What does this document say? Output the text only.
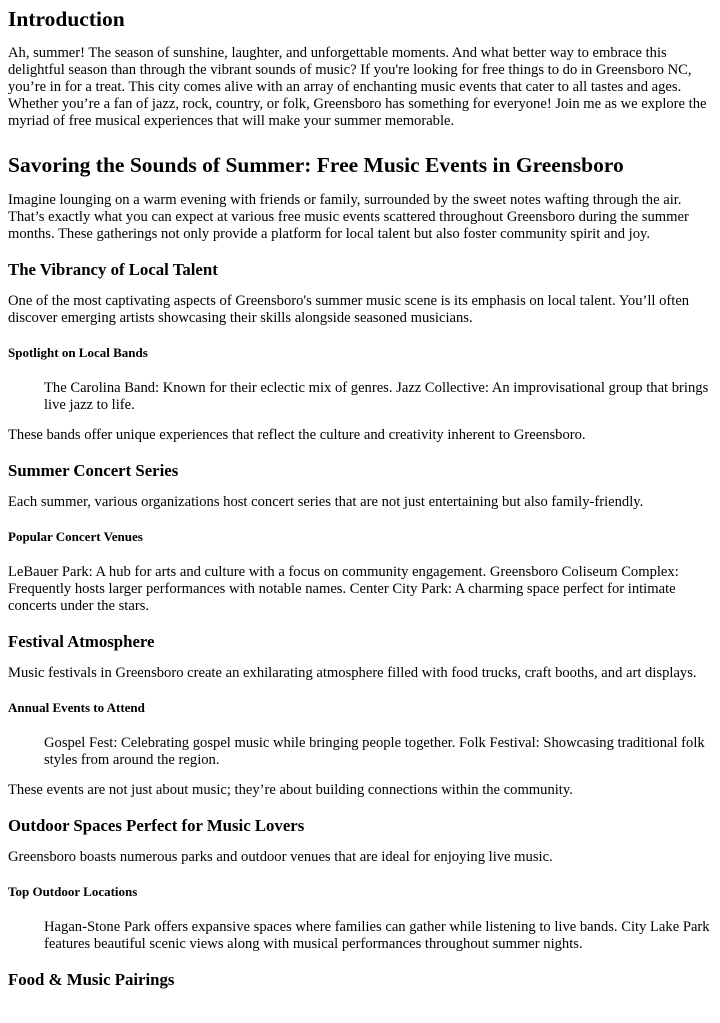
Introduction

Ah, summer! The season of sunshine, laughter, and unforgettable moments. And what better way to embrace this delightful season than through the vibrant sounds of music? If you're looking for free things to do in Greensboro NC, you’re in for a treat. This city comes alive with an array of enchanting music events that cater to all tastes and ages. Whether you’re a fan of jazz, rock, country, or folk, Greensboro has something for everyone! Join me as we explore the myriad of free musical experiences that will make your summer memorable.

Savoring the Sounds of Summer: Free Music Events in Greensboro

Imagine lounging on a warm evening with friends or family, surrounded by the sweet notes wafting through the air. That’s exactly what you can expect at various free music events scattered throughout Greensboro during the summer months. These gatherings not only provide a platform for local talent but also foster community spirit and joy.

The Vibrancy of Local Talent

One of the most captivating aspects of Greensboro's summer music scene is its emphasis on local talent. You’ll often discover emerging artists showcasing their skills alongside seasoned musicians.

Spotlight on Local Bands
The Carolina Band: Known for their eclectic mix of genres. Jazz Collective: An improvisational group that brings live jazz to life.

These bands offer unique experiences that reflect the culture and creativity inherent to Greensboro.

Summer Concert Series

Each summer, various organizations host concert series that are not just entertaining but also family-friendly.

Popular Concert Venues

LeBauer Park: A hub for arts and culture with a focus on community engagement. Greensboro Coliseum Complex: Frequently hosts larger performances with notable names. Center City Park: A charming space perfect for intimate concerts under the stars.

Festival Atmosphere

Music festivals in Greensboro create an exhilarating atmosphere filled with food trucks, craft booths, and art displays.

Annual Events to Attend
Gospel Fest: Celebrating gospel music while bringing people together. Folk Festival: Showcasing traditional folk styles from around the region.

These events are not just about music; they’re about building connections within the community.

Outdoor Spaces Perfect for Music Lovers

Greensboro boasts numerous parks and outdoor venues that are ideal for enjoying live music.

Top Outdoor Locations
Hagan-Stone Park offers expansive spaces where families can gather while listening to live bands. City Lake Park features beautiful scenic views along with musical performances throughout summer nights.
Food & Music Pairings
